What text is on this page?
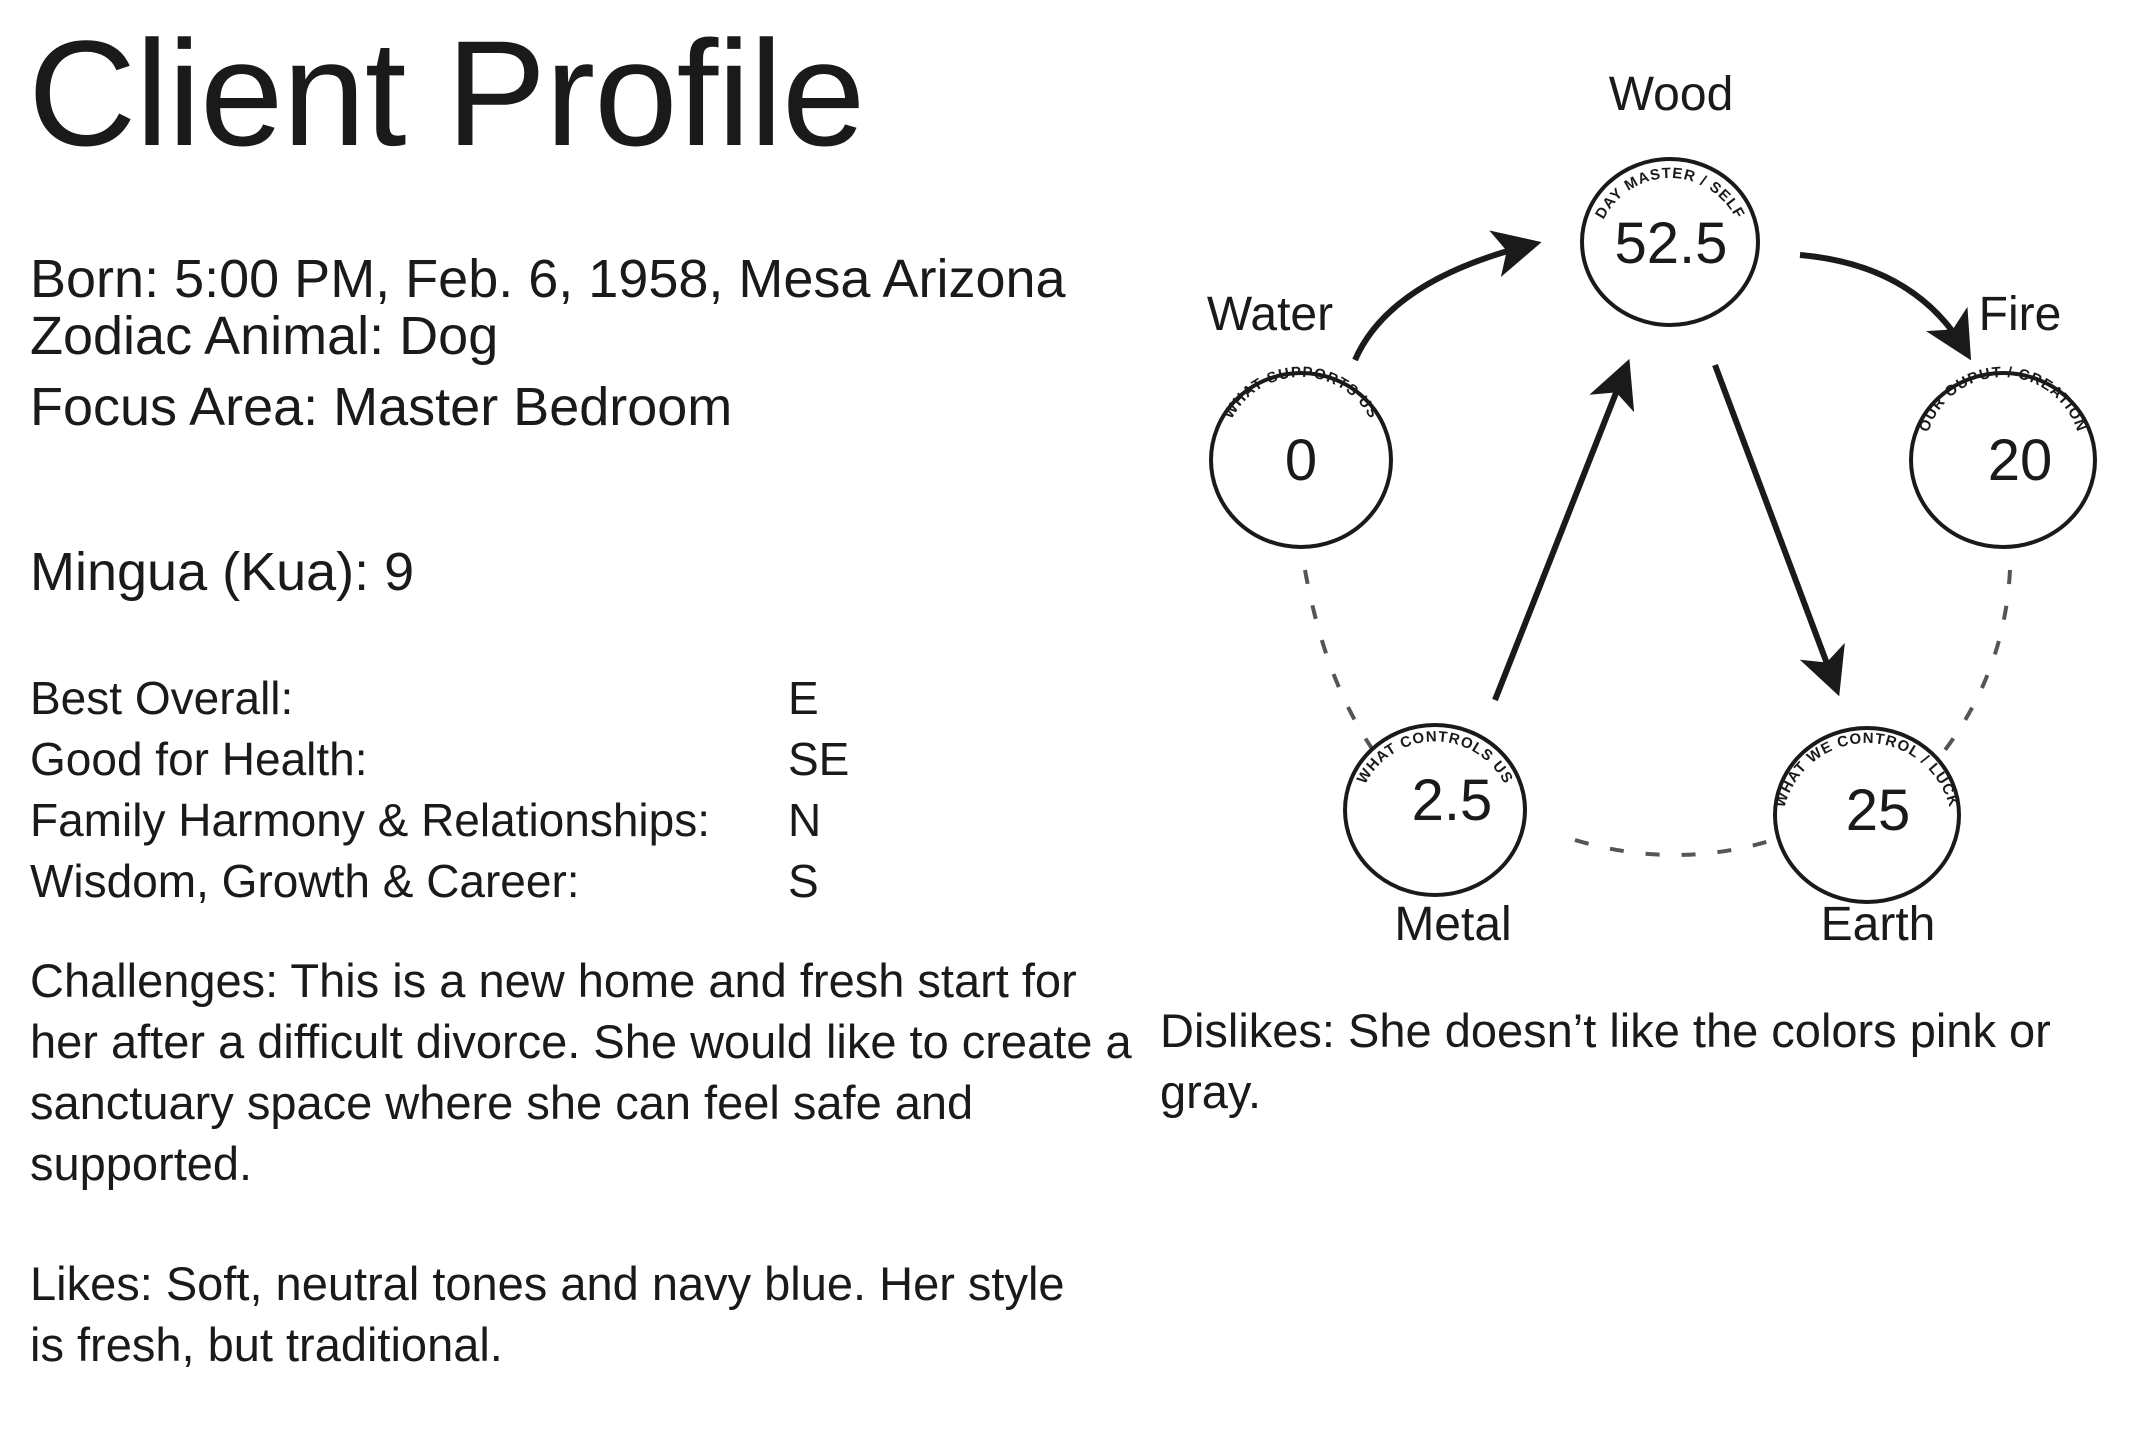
Client Profile
Born: 5:00 PM, Feb. 6, 1958, Mesa Arizona
Zodiac Animal: Dog
Focus Area: Master Bedroom
Mingua (Kua): 9
Best Overall:	E
Good for Health:	SE
Family Harmony & Relationships: N
Wisdom, Growth & Career:	S
Challenges: This is a new home and fresh start for her after a difficult divorce. She would like to create a sanctuary space where she can feel safe and supported.
Likes: Soft, neutral tones and navy blue. Her style is fresh, but traditional.
Dislikes: She doesn’t like the colors pink or gray.
Wood
DAY MASTER / SELF
52.5
Water
WHAT SUPPORTS US
0
Fire
OUR OUPUT / CREATION
20
WHAT CONTROLS US
2.5
Metal
WHAT WE CONTROL / LUCK
25
Earth
